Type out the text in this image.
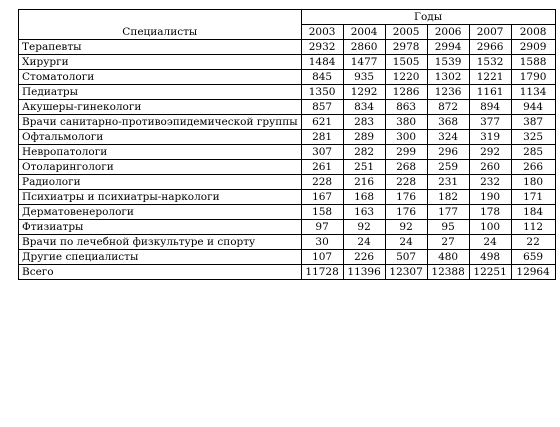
Специалисты	Годы					
	2003	2004	2005	2006	2007	2008
Терапевты	2932	2860	2978	2994	2966	2909
Хирурги	1484	1477	1505	1539	1532	1588
Стоматологи	845	935	1220	1302	1221	1790
Педиатры	1350	1292	1286	1236	1161	1134
Акушеры-гинекологи	857	834	863	872	894	944
Врачи санитарно-противоэпидемической группы	621	283	380	368	377	387
Офтальмологи	281	289	300	324	319	325
Невропатологи	307	282	299	296	292	285
Отоларингологи	261	251	268	259	260	266
Радиологи	228	216	228	231	232	180
Психиатры и психиатры-наркологи	167	168	176	182	190	171
Дерматовенерологи	158	163	176	177	178	184
Фтизиатры	97	92	92	95	100	112
Врачи по лечебной физкультуре и спорту	30	24	24	27	24	22
Другие специалисты	107	226	507	480	498	659
Всего	11728	11396	12307	12388	12251	12964
